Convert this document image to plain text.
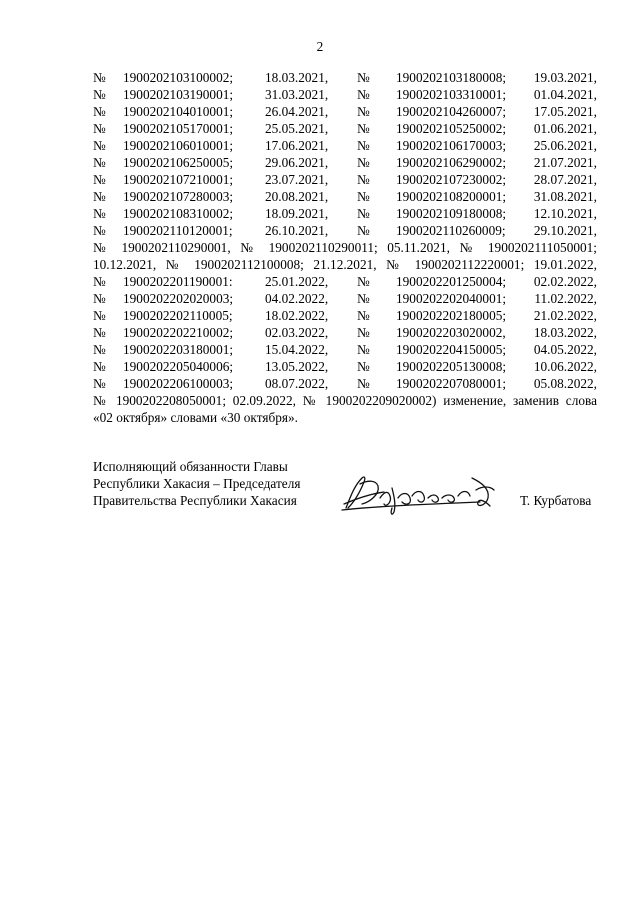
2
№	1900202103100002;	18.03.2021,	№	1900202103180008;	19.03.2021,
№	1900202103190001;	31.03.2021,	№	1900202103310001;	01.04.2021,
№	1900202104010001;	26.04.2021,	№	1900202104260007;	17.05.2021,
№	1900202105170001;	25.05.2021,	№	1900202105250002;	01.06.2021,
№	1900202106010001;	17.06.2021,	№	1900202106170003;	25.06.2021,
№	1900202106250005;	29.06.2021,	№	1900202106290002;	21.07.2021,
№	1900202107210001;	23.07.2021,	№	1900202107230002;	28.07.2021,
№	1900202107280003;	20.08.2021,	№	1900202108200001;	31.08.2021,
№	1900202108310002;	18.09.2021,	№	1900202109180008;	12.10.2021,
№	1900202110120001;	26.10.2021,	№	1900202110260009;	29.10.2021,
№ 1900202110290001, № 1900202110290011; 05.11.2021, № 1900202111050001;
10.12.2021, № 1900202112100008; 21.12.2021, № 1900202112220001; 19.01.2022,
№	1900202201190001:	25.01.2022,	№	1900202201250004;	02.02.2022,
№	1900202202020003;	04.02.2022,	№	1900202202040001;	11.02.2022,
№	1900202202110005;	18.02.2022,	№	1900202202180005;	21.02.2022,
№	1900202202210002;	02.03.2022,	№	1900202203020002,	18.03.2022,
№	1900202203180001;	15.04.2022,	№	1900202204150005;	04.05.2022,
№	1900202205040006;	13.05.2022,	№	1900202205130008;	10.06.2022,
№	1900202206100003;	08.07.2022,	№	1900202207080001;	05.08.2022,
№ 1900202208050001; 02.09.2022, № 1900202209020002) изменение, заменив слова
«02 октября» словами «30 октября».
Исполняющий обязанности Главы
Республики Хакасия – Председателя
Правительства Республики Хакасия	Т. Курбатова
